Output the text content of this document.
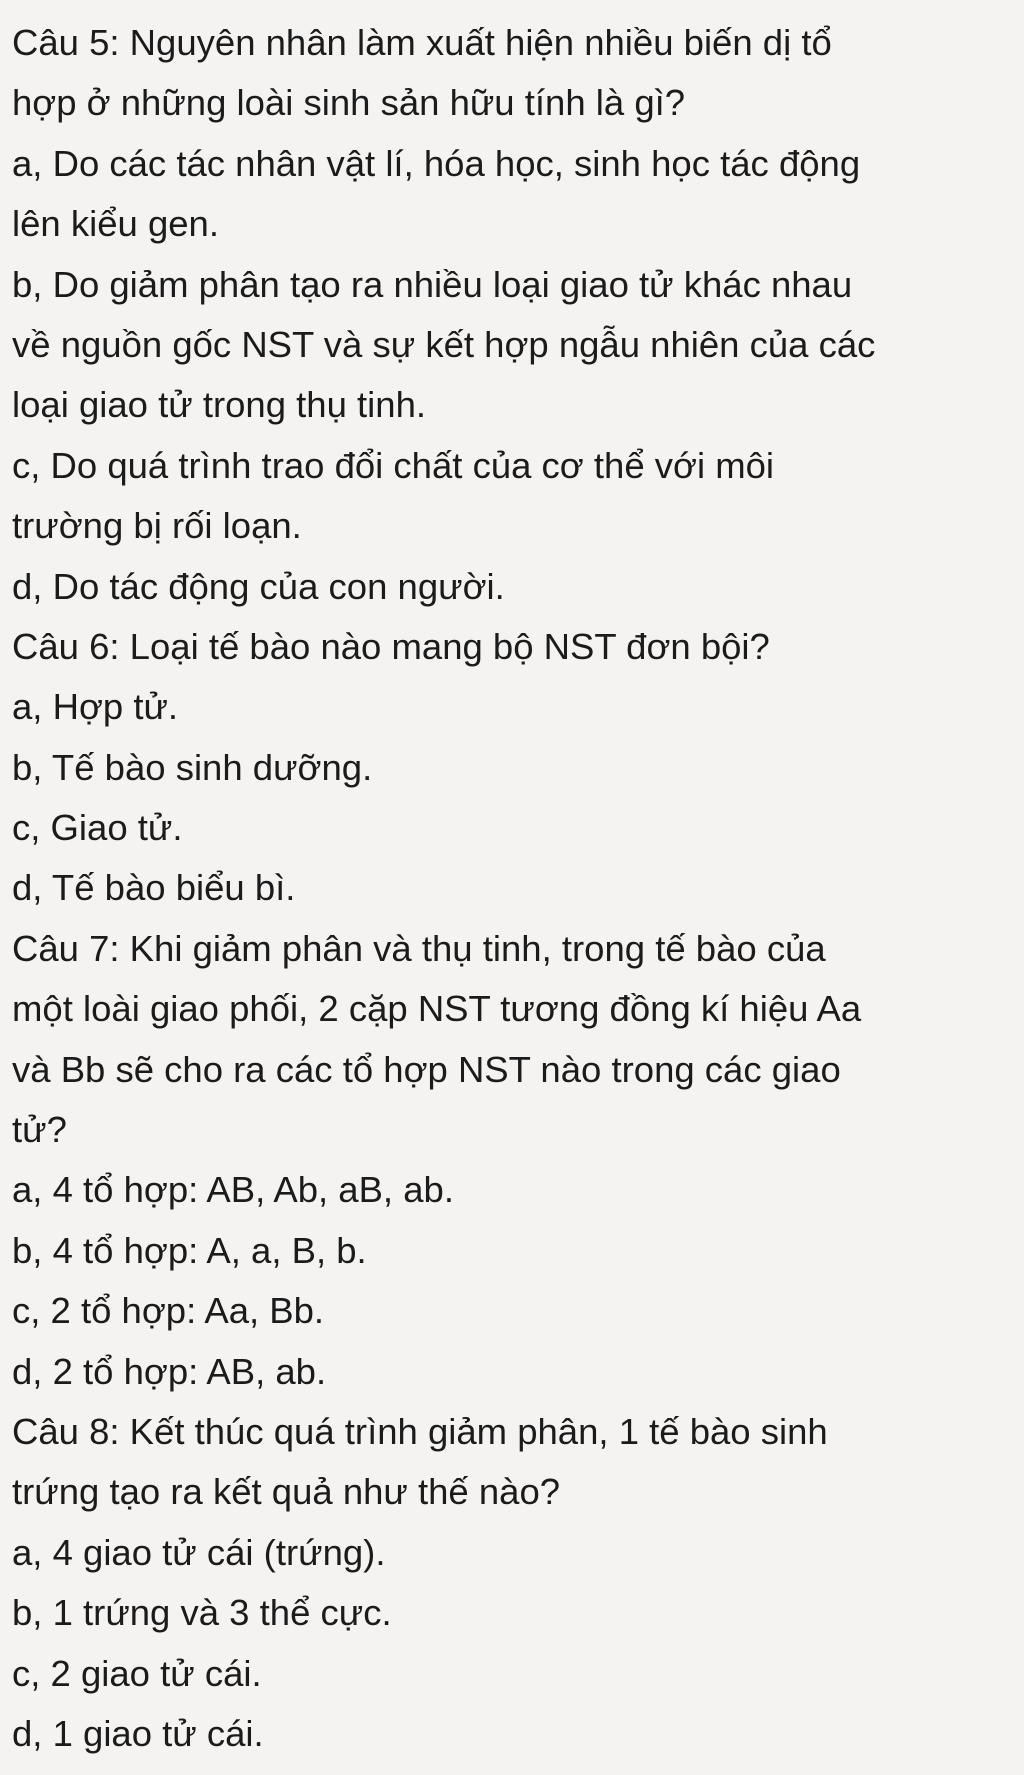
Câu 5: Nguyên nhân làm xuất hiện nhiều biến dị tổ
hợp ở những loài sinh sản hữu tính là gì?
a, Do các tác nhân vật lí, hóa học, sinh học tác động
lên kiểu gen.
b, Do giảm phân tạo ra nhiều loại giao tử khác nhau
về nguồn gốc NST và sự kết hợp ngẫu nhiên của các
loại giao tử trong thụ tinh.
c, Do quá trình trao đổi chất của cơ thể với môi
trường bị rối loạn.
d, Do tác động của con người.
Câu 6: Loại tế bào nào mang bộ NST đơn bội?
a, Hợp tử.
b, Tế bào sinh dưỡng.
c, Giao tử.
d, Tế bào biểu bì.
Câu 7: Khi giảm phân và thụ tinh, trong tế bào của
một loài giao phối, 2 cặp NST tương đồng kí hiệu Aa
và Bb sẽ cho ra các tổ hợp NST nào trong các giao
tử?
a, 4 tổ hợp: AB, Ab, aB, ab.
b, 4 tổ hợp: A, a, B, b.
c, 2 tổ hợp: Aa, Bb.
d, 2 tổ hợp: AB, ab.
Câu 8: Kết thúc quá trình giảm phân, 1 tế bào sinh
trứng tạo ra kết quả như thế nào?
a, 4 giao tử cái (trứng).
b, 1 trứng và 3 thể cực.
c, 2 giao tử cái.
d, 1 giao tử cái.
